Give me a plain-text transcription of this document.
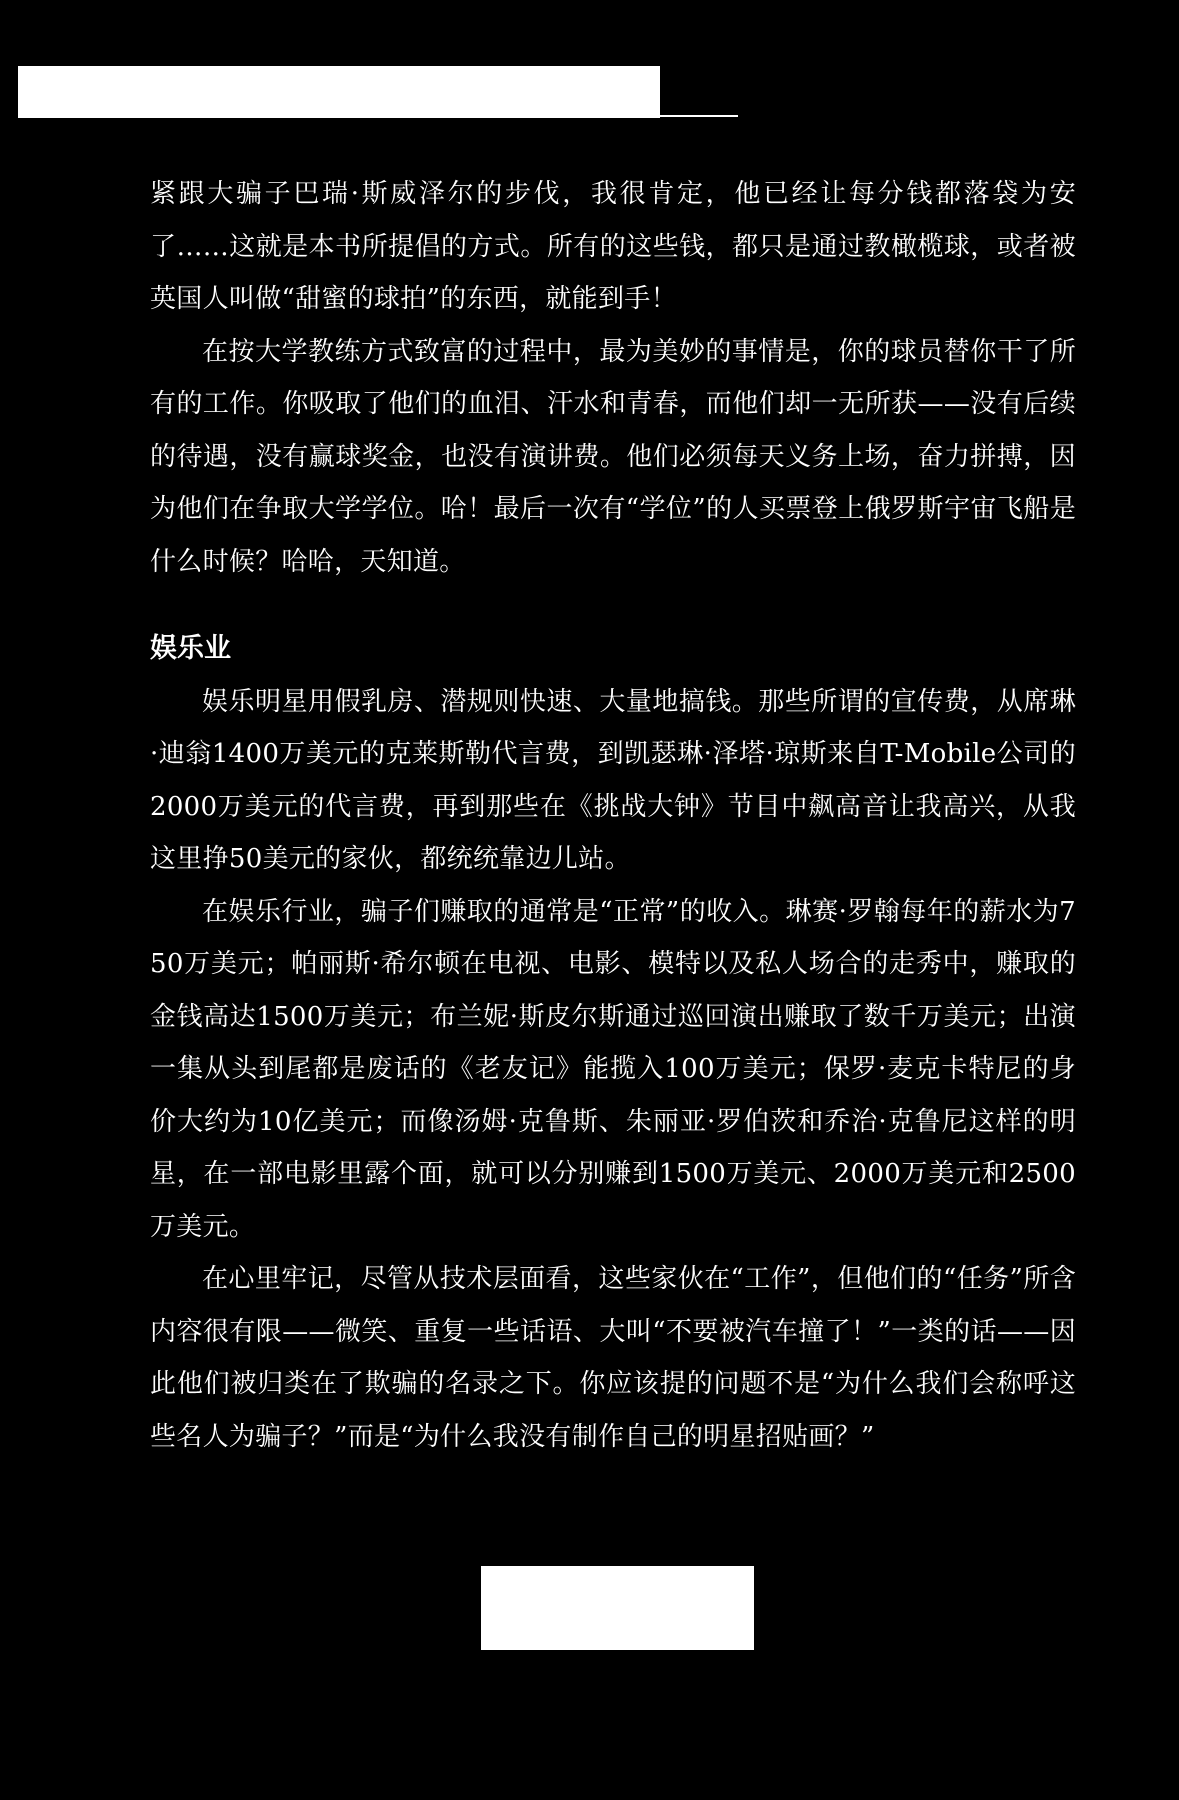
紧跟大骗子巴瑞·斯威泽尔的步伐，我很肯定，他已经让每分钱都落袋为安了……这就是本书所提倡的方式。所有的这些钱，都只是通过教橄榄球，或者被英国人叫做“甜蜜的球拍”的东西，就能到手！

在按大学教练方式致富的过程中，最为美妙的事情是，你的球员替你干了所有的工作。你吸取了他们的血泪、汗水和青春，而他们却一无所获——没有后续的待遇，没有赢球奖金，也没有演讲费。他们必须每天义务上场，奋力拼搏，因为他们在争取大学学位。哈！最后一次有“学位”的人买票登上俄罗斯宇宙飞船是什么时候？哈哈，天知道。

娱乐业

娱乐明星用假乳房、潜规则快速、大量地搞钱。那些所谓的宣传费，从席琳·迪翁1400万美元的克莱斯勒代言费，到凯瑟琳·泽塔·琼斯来自T-Mobile公司的2000万美元的代言费，再到那些在《挑战大钟》节目中飙高音让我高兴，从我这里挣50美元的家伙，都统统靠边儿站。

在娱乐行业，骗子们赚取的通常是“正常”的收入。琳赛·罗翰每年的薪水为750万美元；帕丽斯·希尔顿在电视、电影、模特以及私人场合的走秀中，赚取的金钱高达1500万美元；布兰妮·斯皮尔斯通过巡回演出赚取了数千万美元；出演一集从头到尾都是废话的《老友记》能揽入100万美元；保罗·麦克卡特尼的身价大约为10亿美元；而像汤姆·克鲁斯、朱丽亚·罗伯茨和乔治·克鲁尼这样的明星，在一部电影里露个面，就可以分别赚到1500万美元、2000万美元和2500万美元。

在心里牢记，尽管从技术层面看，这些家伙在“工作”，但他们的“任务”所含内容很有限——微笑、重复一些话语、大叫“不要被汽车撞了！”一类的话——因此他们被归类在了欺骗的名录之下。你应该提的问题不是“为什么我们会称呼这些名人为骗子？”而是“为什么我没有制作自己的明星招贴画？”
